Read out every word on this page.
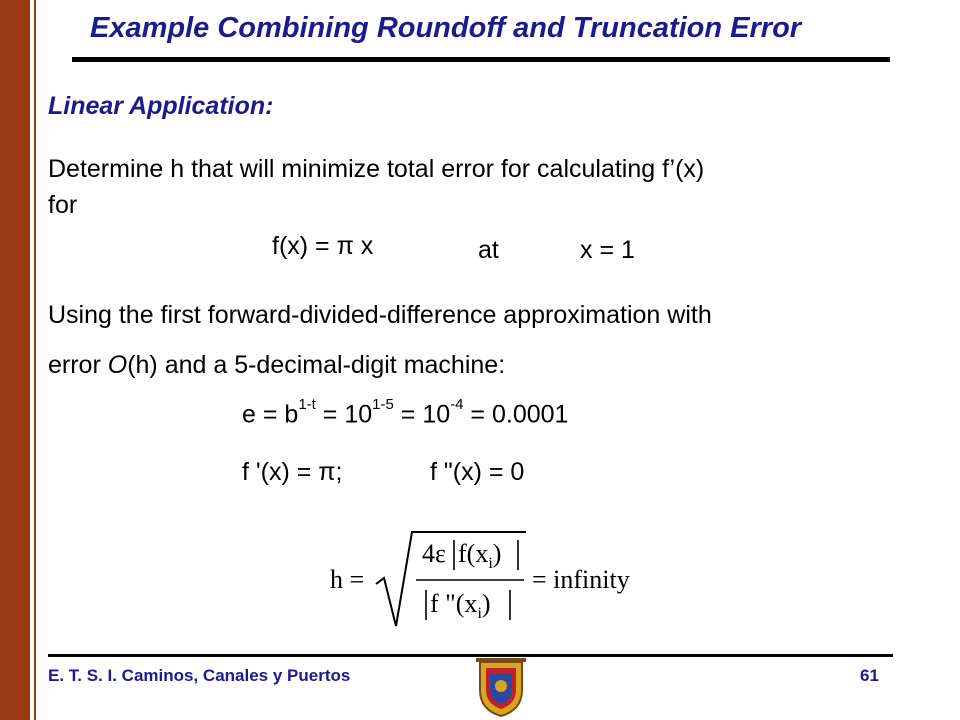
Example Combining Roundoff and Truncation Error
Linear Application:
Determine h that will minimize total error for calculating f’(x)
for
f(x) = π x	at	x = 1
Using the first forward-divided-difference approximation with
error O(h) and a 5-decimal-digit machine:
$e = b^{1-t} = 10^{1-5} = 10^{-4} = 0.0001$
f '(x) = π;	f "(x) = 0
h =
4ε $f(x_i)$
f "$(x_i)$
= infinity
E. T. S. I. Caminos, Canales y Puertos	61
